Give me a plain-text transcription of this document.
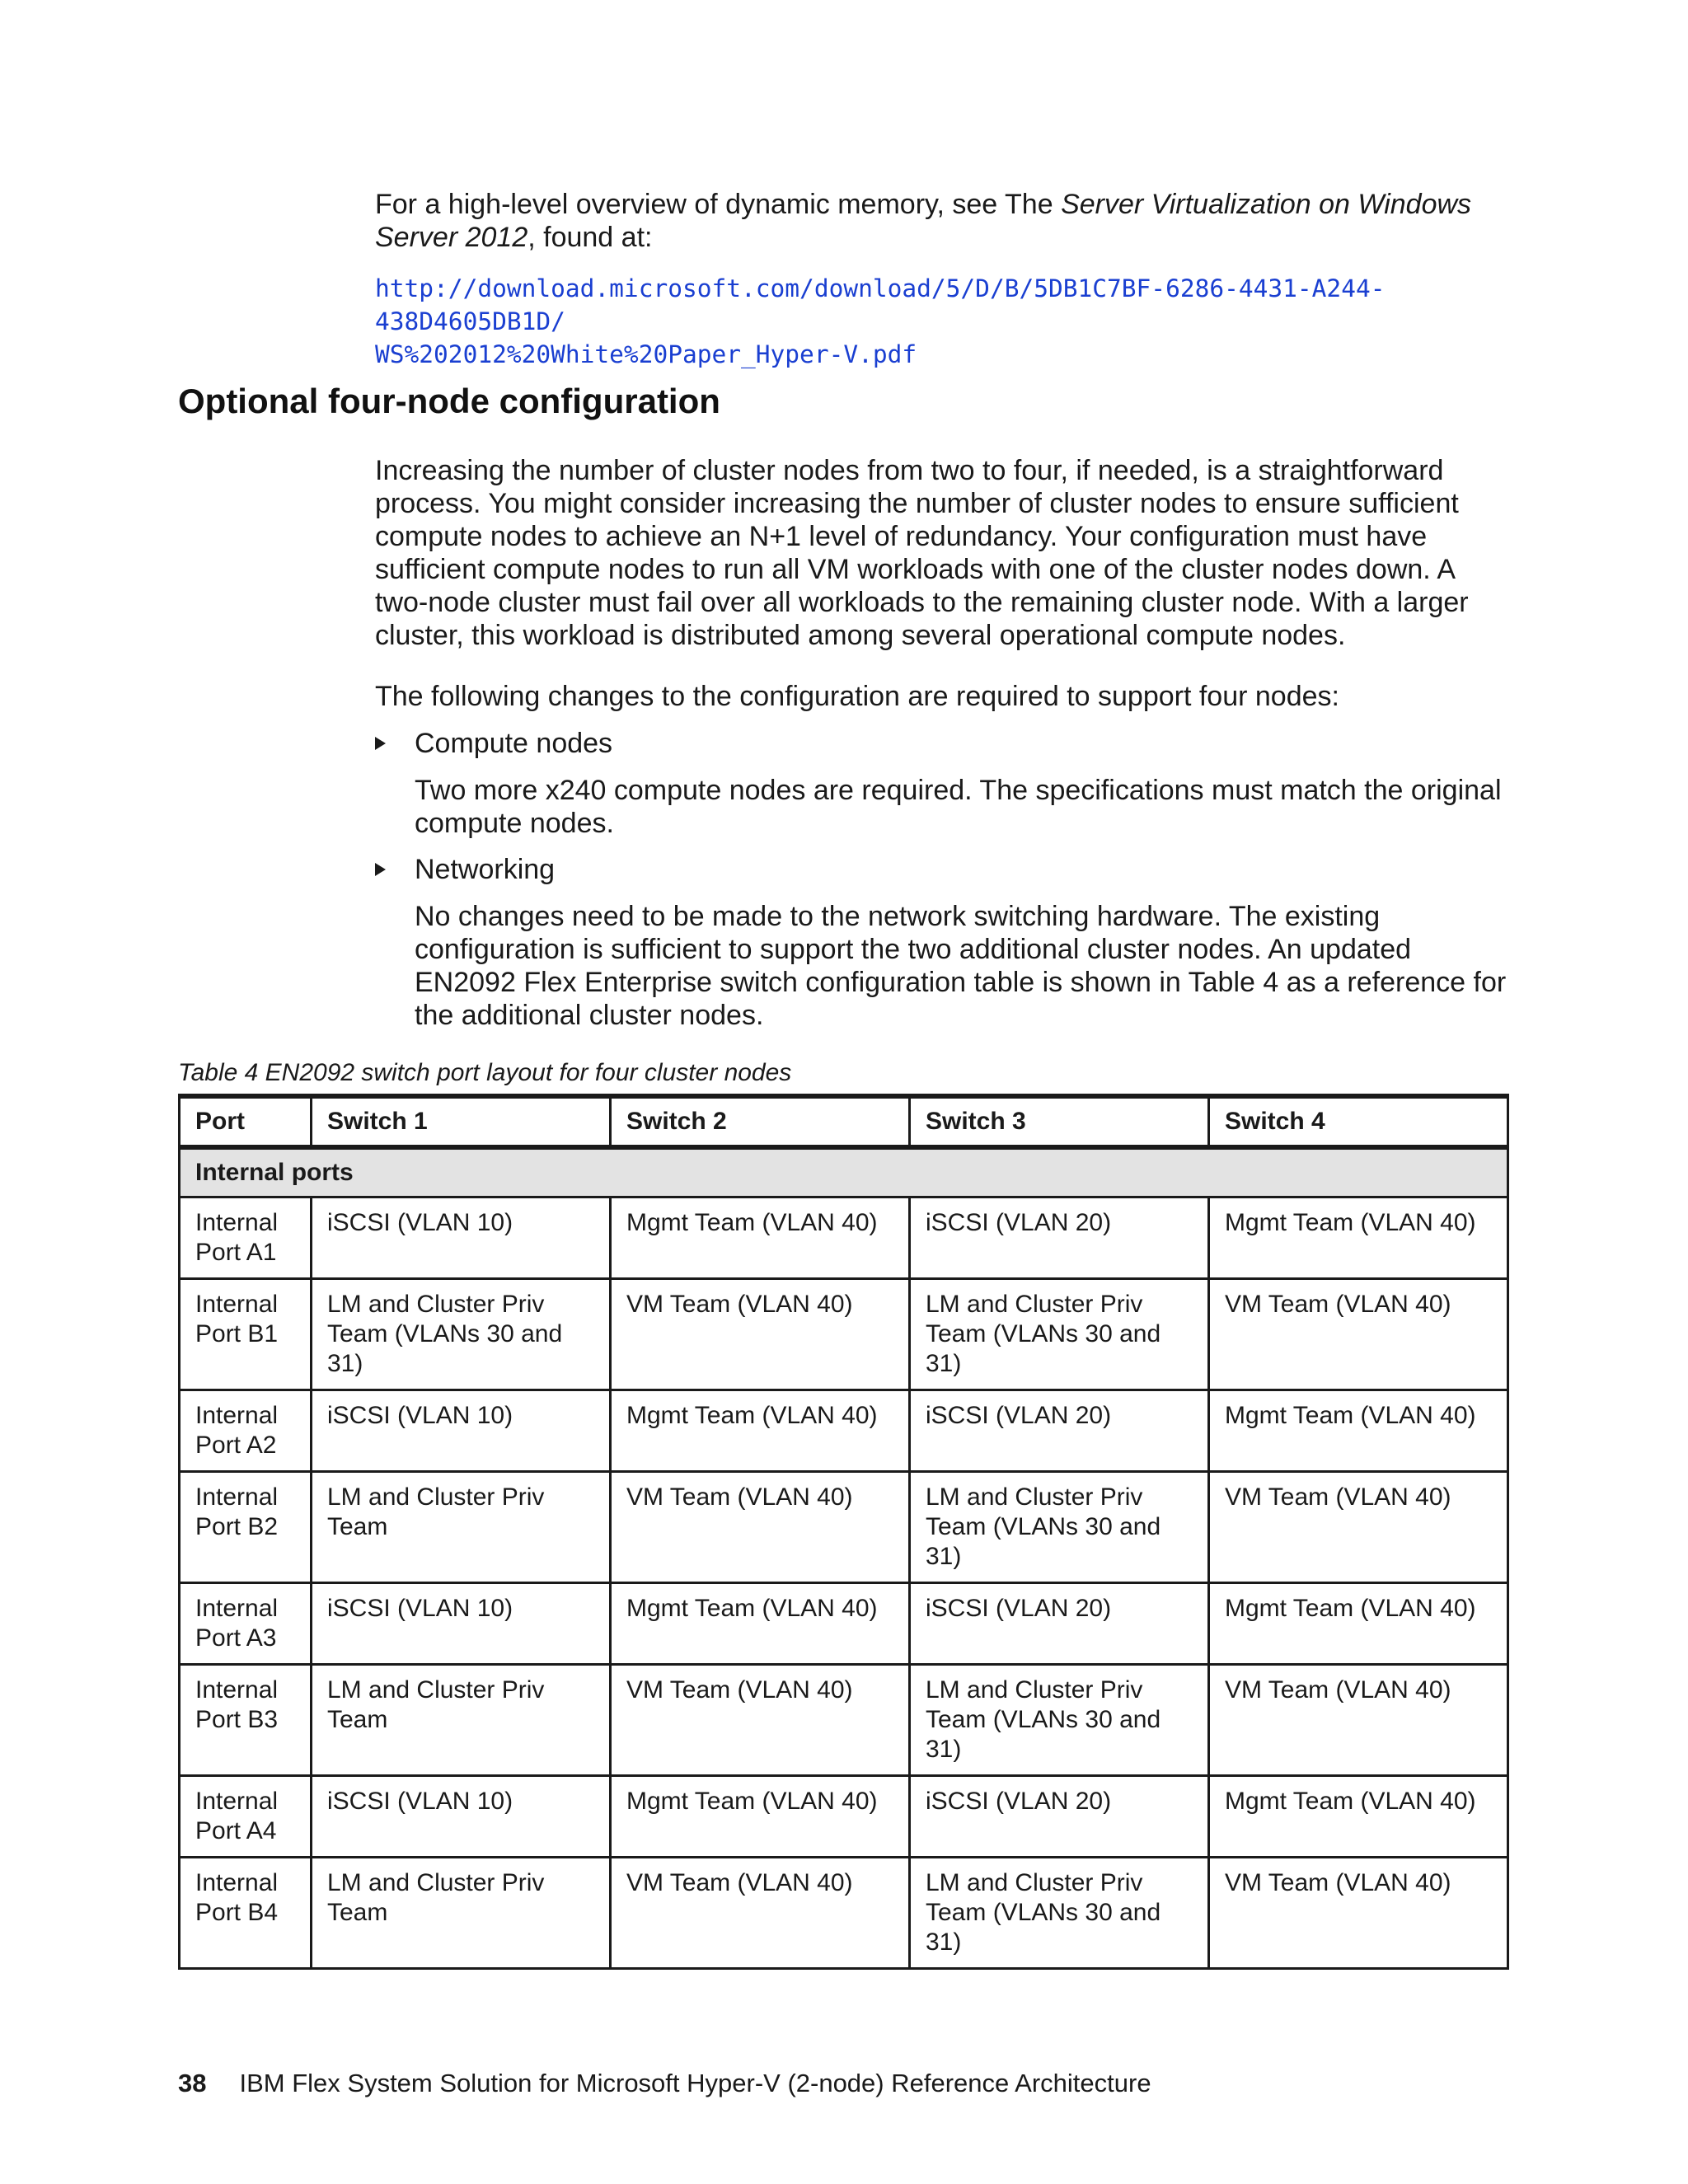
For a high-level overview of dynamic memory, see The Server Virtualization on Windows Server 2012, found at:

http://download.microsoft.com/download/5/D/B/5DB1C7BF-6286-4431-A244-438D4605DB1D/
WS%202012%20White%20Paper_Hyper-V.pdf

Optional four-node configuration

Increasing the number of cluster nodes from two to four, if needed, is a straightforward process. You might consider increasing the number of cluster nodes to ensure sufficient compute nodes to achieve an N+1 level of redundancy. Your configuration must have sufficient compute nodes to run all VM workloads with one of the cluster nodes down. A two-node cluster must fail over all workloads to the remaining cluster node. With a larger cluster, this workload is distributed among several operational compute nodes.

The following changes to the configuration are required to support four nodes:

Compute nodes

Two more x240 compute nodes are required. The specifications must match the original compute nodes.

Networking

No changes need to be made to the network switching hardware. The existing configuration is sufficient to support the two additional cluster nodes. An updated EN2092 Flex Enterprise switch configuration table is shown in Table 4 as a reference for the additional cluster nodes.

Table 4 EN2092 switch port layout for four cluster nodes

Port	Switch 1	Switch 2	Switch 3	Switch 4
Internal ports				
Internal Port A1	iSCSI (VLAN 10)	Mgmt Team (VLAN 40)	iSCSI (VLAN 20)	Mgmt Team (VLAN 40)
Internal Port B1	LM and Cluster Priv Team (VLANs 30 and 31)	VM Team (VLAN 40)	LM and Cluster Priv Team (VLANs 30 and 31)	VM Team (VLAN 40)
Internal Port A2	iSCSI (VLAN 10)	Mgmt Team (VLAN 40)	iSCSI (VLAN 20)	Mgmt Team (VLAN 40)
Internal Port B2	LM and Cluster Priv Team	VM Team (VLAN 40)	LM and Cluster Priv Team (VLANs 30 and 31)	VM Team (VLAN 40)
Internal Port A3	iSCSI (VLAN 10)	Mgmt Team (VLAN 40)	iSCSI (VLAN 20)	Mgmt Team (VLAN 40)
Internal Port B3	LM and Cluster Priv Team	VM Team (VLAN 40)	LM and Cluster Priv Team (VLANs 30 and 31)	VM Team (VLAN 40)
Internal Port A4	iSCSI (VLAN 10)	Mgmt Team (VLAN 40)	iSCSI (VLAN 20)	Mgmt Team (VLAN 40)
Internal Port B4	LM and Cluster Priv Team	VM Team (VLAN 40)	LM and Cluster Priv Team (VLANs 30 and 31)	VM Team (VLAN 40)
38 IBM Flex System Solution for Microsoft Hyper-V (2-node) Reference Architecture
